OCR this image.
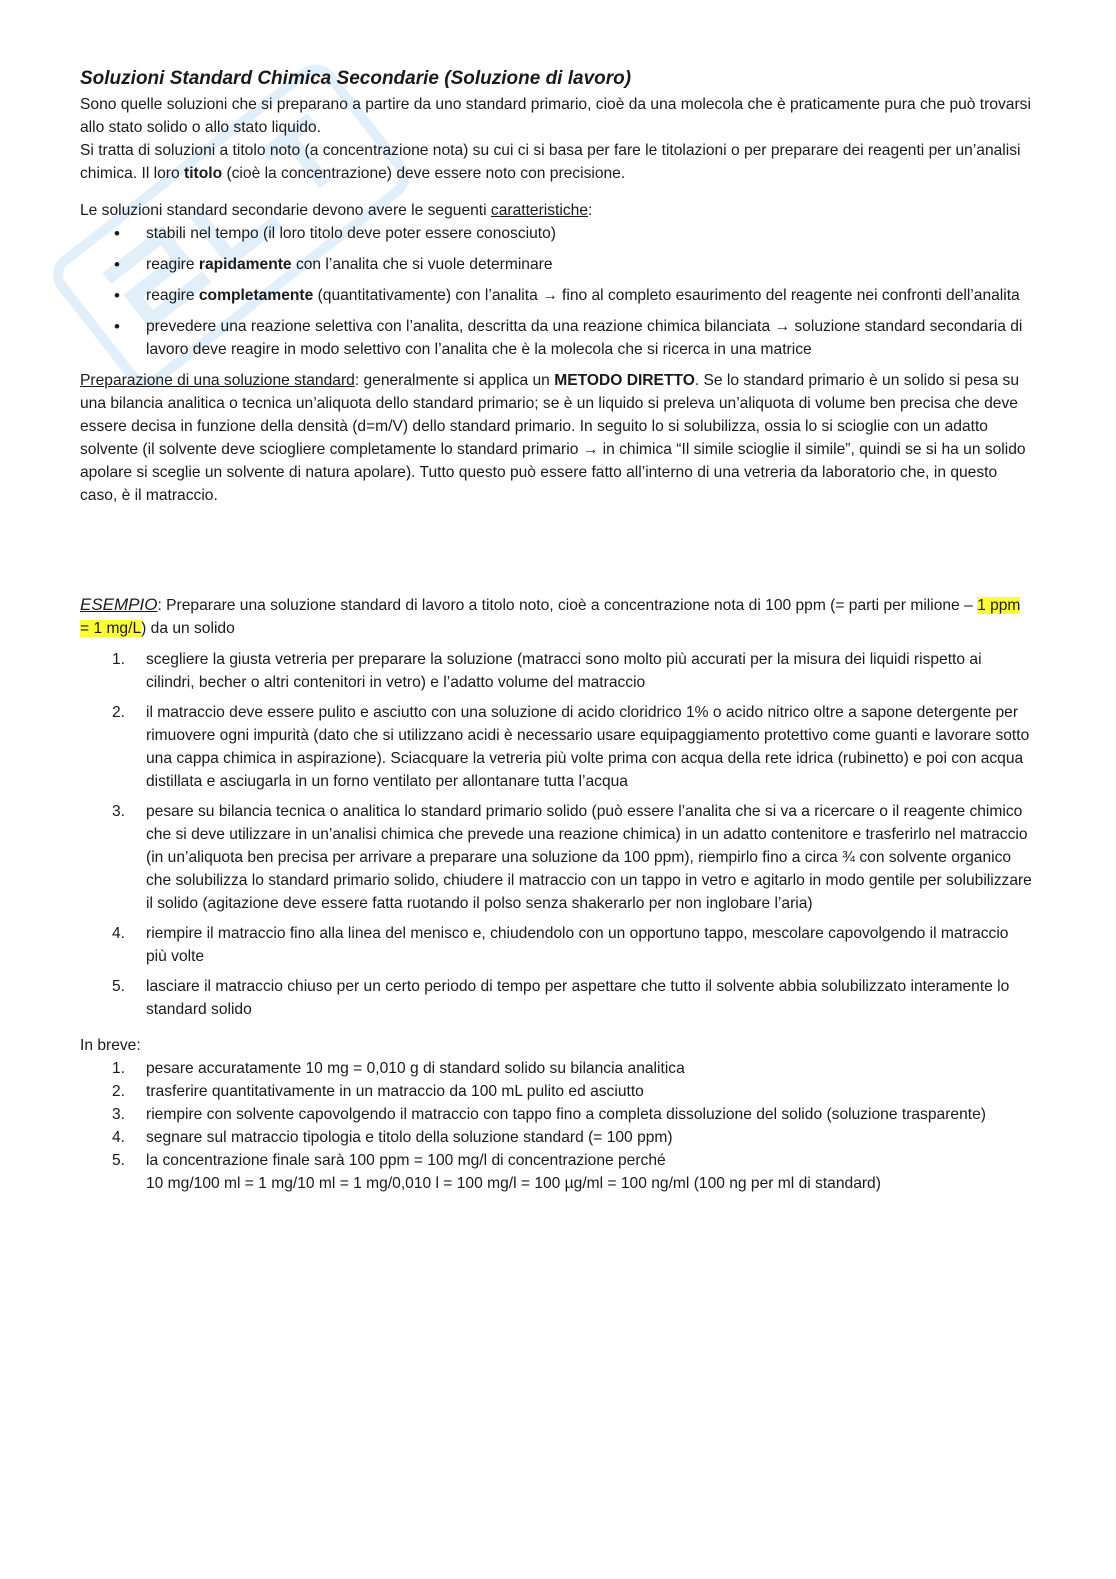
Soluzioni Standard Chimica Secondarie (Soluzione di lavoro)

Sono quelle soluzioni che si preparano a partire da uno standard primario, cioè da una molecola che è praticamente pura che può trovarsi allo stato solido o allo stato liquido.

Si tratta di soluzioni a titolo noto (a concentrazione nota) su cui ci si basa per fare le titolazioni o per preparare dei reagenti per un’analisi chimica. Il loro titolo (cioè la concentrazione) deve essere noto con precisione.

Le soluzioni standard secondarie devono avere le seguenti caratteristiche:

• stabili nel tempo (il loro titolo deve poter essere conosciuto)
• reagire rapidamente con l’analita che si vuole determinare
• reagire completamente (quantitativamente) con l’analita → fino al completo esaurimento del reagente nei confronti dell’analita
• prevedere una reazione selettiva con l’analita, descritta da una reazione chimica bilanciata → soluzione standard secondaria di lavoro deve reagire in modo selettivo con l’analita che è la molecola che si ricerca in una matrice

Preparazione di una soluzione standard: generalmente si applica un METODO DIRETTO. Se lo standard primario è un solido si pesa su una bilancia analitica o tecnica un’aliquota dello standard primario; se è un liquido si preleva un’aliquota di volume ben precisa che deve essere decisa in funzione della densità (d=m/V) dello standard primario. In seguito lo si solubilizza, ossia lo si scioglie con un adatto solvente (il solvente deve sciogliere completamente lo standard primario → in chimica “Il simile scioglie il simile”, quindi se si ha un solido apolare si sceglie un solvente di natura apolare). Tutto questo può essere fatto all’interno di una vetreria da laboratorio che, in questo caso, è il matraccio.

ESEMPIO: Preparare una soluzione standard di lavoro a titolo noto, cioè a concentrazione nota di 100 ppm (= parti per milione – 1 ppm = 1 mg/L) da un solido

1. scegliere la giusta vetreria per preparare la soluzione (matracci sono molto più accurati per la misura dei liquidi rispetto ai cilindri, becher o altri contenitori in vetro) e l’adatto volume del matraccio
2. il matraccio deve essere pulito e asciutto con una soluzione di acido cloridrico 1% o acido nitrico oltre a sapone detergente per rimuovere ogni impurità (dato che si utilizzano acidi è necessario usare equipaggiamento protettivo come guanti e lavorare sotto una cappa chimica in aspirazione). Sciacquare la vetreria più volte prima con acqua della rete idrica (rubinetto) e poi con acqua distillata e asciugarla in un forno ventilato per allontanare tutta l’acqua
3. pesare su bilancia tecnica o analitica lo standard primario solido (può essere l’analita che si va a ricercare o il reagente chimico che si deve utilizzare in un’analisi chimica che prevede una reazione chimica) in un adatto contenitore e trasferirlo nel matraccio (in un’aliquota ben precisa per arrivare a preparare una soluzione da 100 ppm), riempirlo fino a circa ¾ con solvente organico che solubilizza lo standard primario solido, chiudere il matraccio con un tappo in vetro e agitarlo in modo gentile per solubilizzare il solido (agitazione deve essere fatta ruotando il polso senza shakerarlo per non inglobare l’aria)
4. riempire il matraccio fino alla linea del menisco e, chiudendolo con un opportuno tappo, mescolare capovolgendo il matraccio più volte
5. lasciare il matraccio chiuso per un certo periodo di tempo per aspettare che tutto il solvente abbia solubilizzato interamente lo standard solido

In breve:

1. pesare accuratamente 10 mg = 0,010 g di standard solido su bilancia analitica
2. trasferire quantitativamente in un matraccio da 100 mL pulito ed asciutto
3. riempire con solvente capovolgendo il matraccio con tappo fino a completa dissoluzione del solido (soluzione trasparente)
4. segnare sul matraccio tipologia e titolo della soluzione standard (= 100 ppm)
5. la concentrazione finale sarà 100 ppm = 100 mg/l di concentrazione perché
10 mg/100 ml = 1 mg/10 ml = 1 mg/0,010 l = 100 mg/l = 100 µg/ml = 100 ng/ml (100 ng per ml di standard)
